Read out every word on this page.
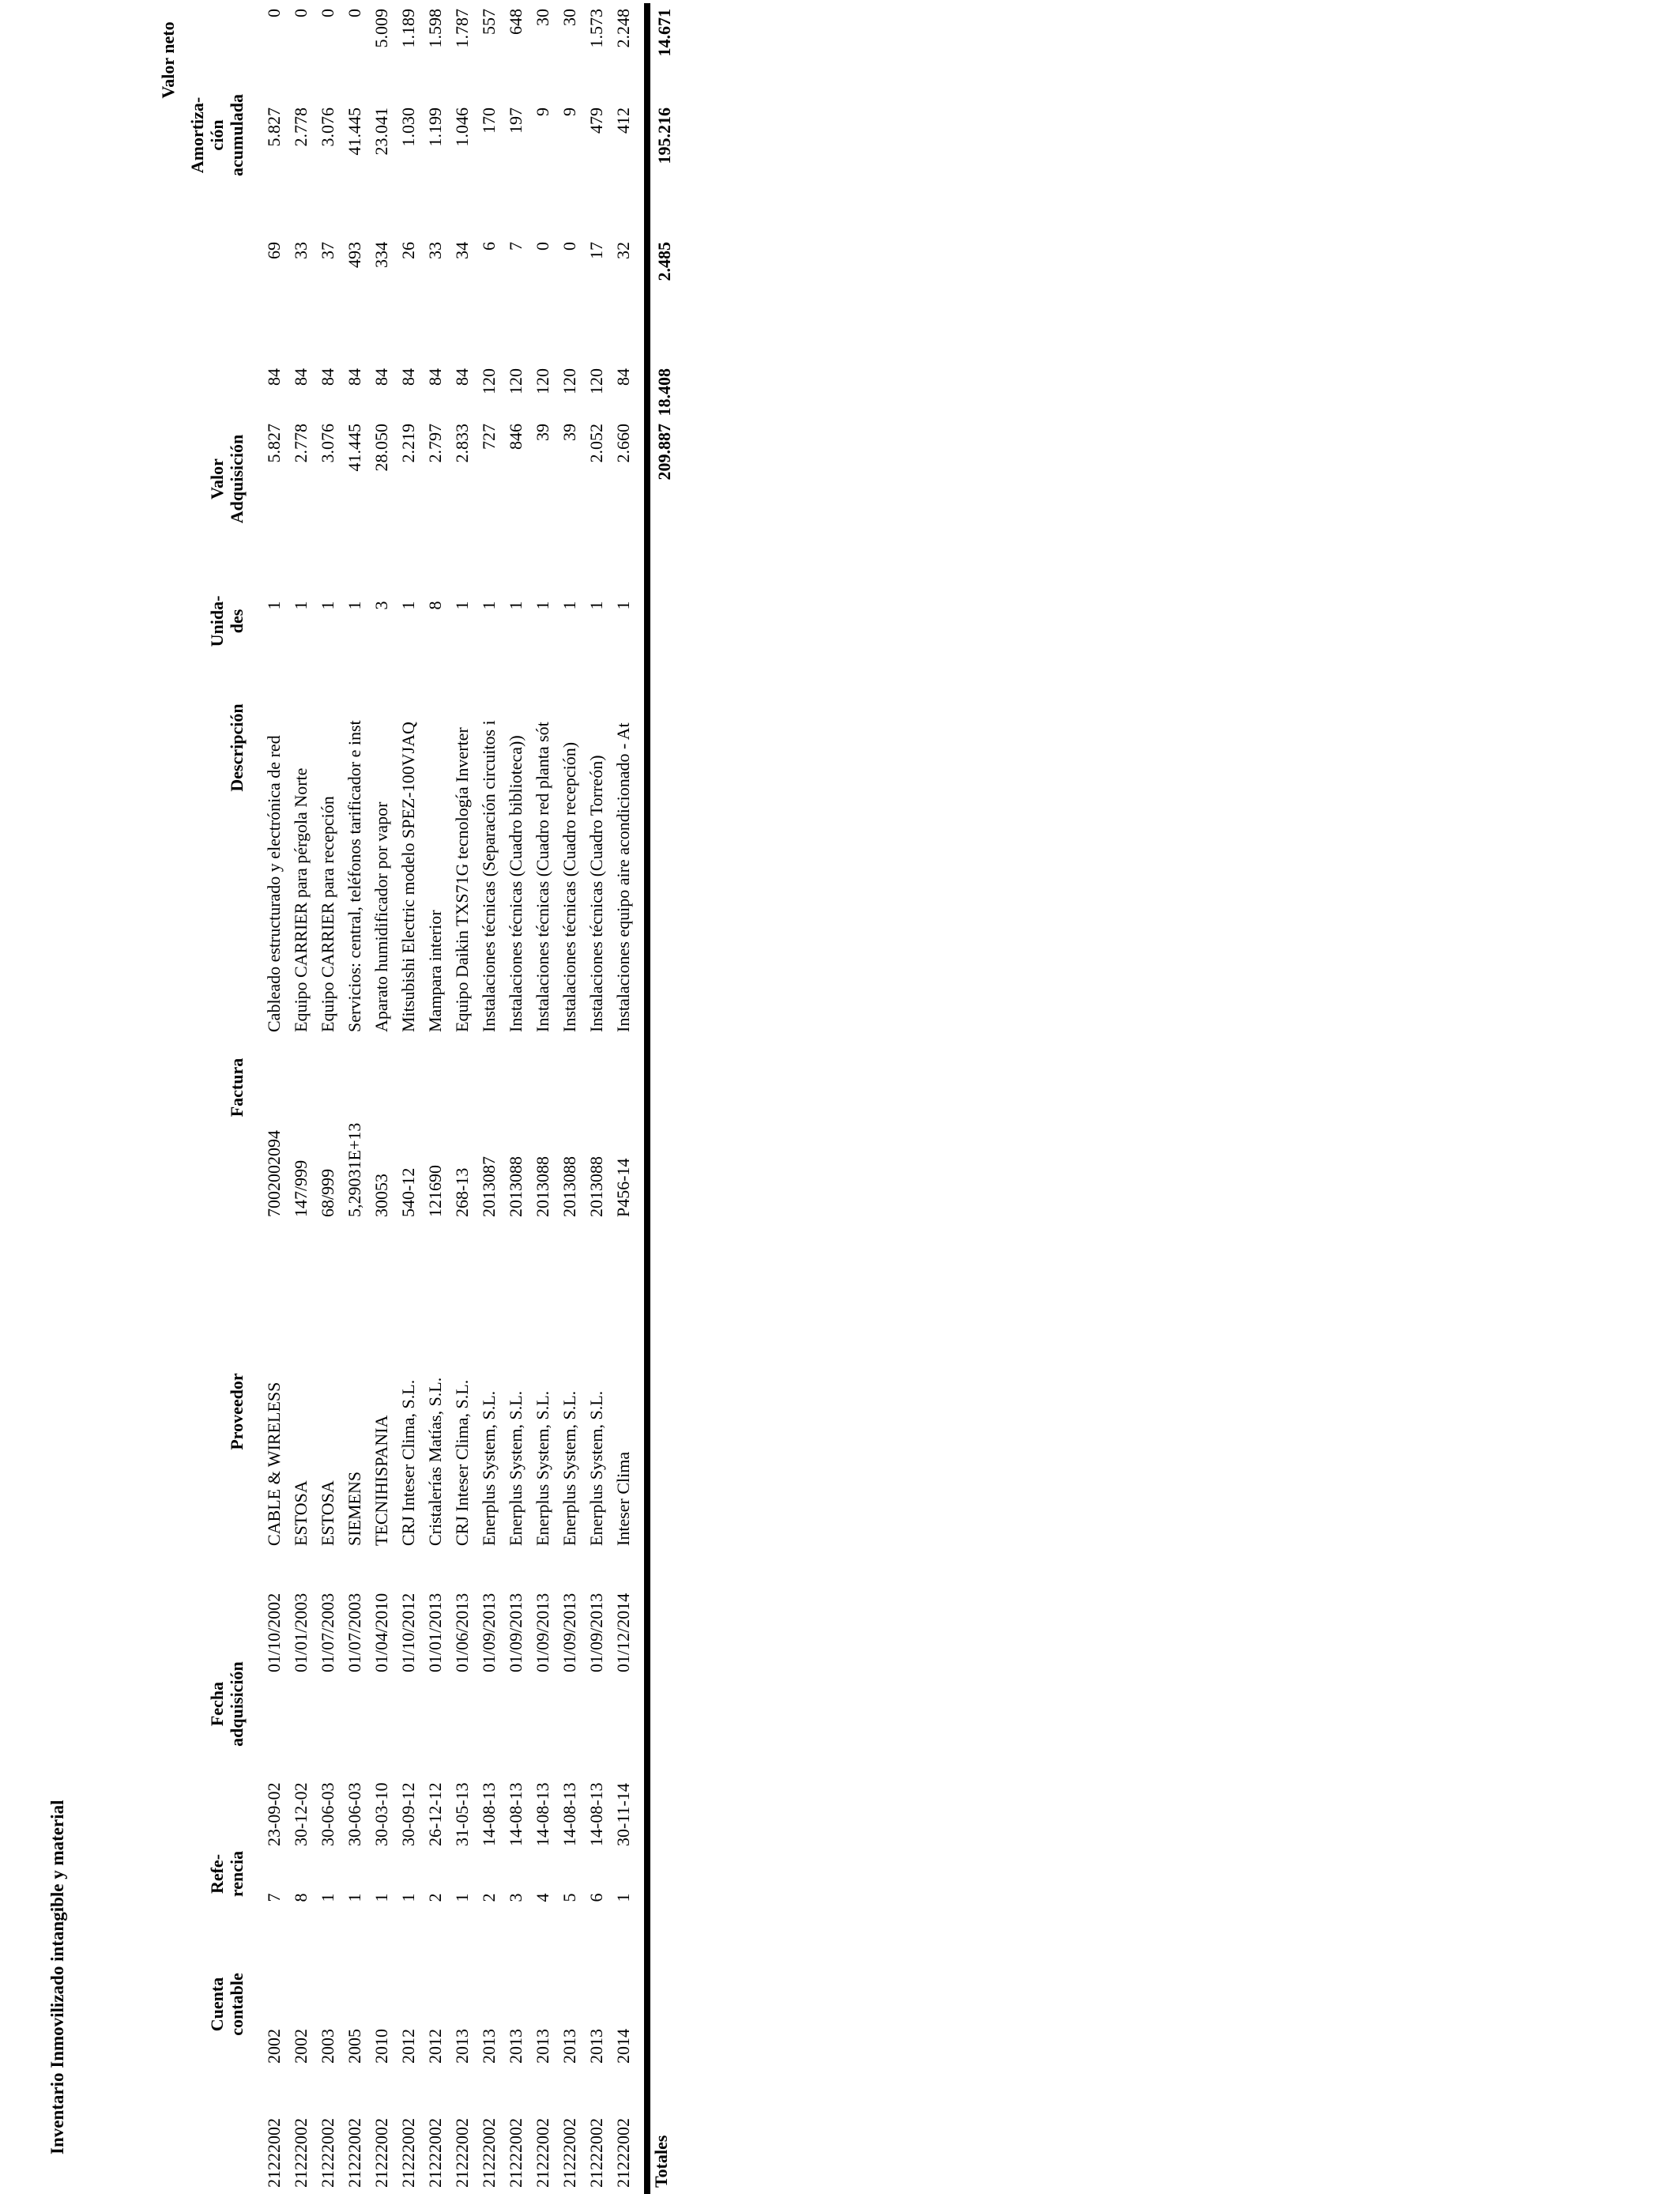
Inventario Inmovilizado intangible y material	Cuenta contable
Refe- rencia
Fecha adquisición
Proveedor
Factura
Descripción
Unida- des
Valor Adquisición
Amortiza- ción acumulada
Valor neto
21222002 21222002 21222002 21222002 21222002 21222002 21222002 21222002 21222002 21222002 21222002 21222002 21222002 21222002
2002 2002 2003 2005 2010 2012 2012 2013 2013 2013 2013 2013 2013 2014
7 8 1 1 1 1 2 1 2 3 4 5 6 1
23-09-02 30-12-02 30-06-03 30-06-03 30-03-10 30-09-12 26-12-12 31-05-13 14-08-13 14-08-13 14-08-13 14-08-13 14-08-13 30-11-14
01/10/2002 01/01/2003 01/07/2003 01/07/2003 01/04/2010 01/10/2012 01/01/2013 01/06/2013 01/09/2013 01/09/2013 01/09/2013 01/09/2013 01/09/2013 01/12/2014
CABLE & WIRELESS ESTOSA ESTOSA SIEMENS TECNIHISPANIA CRJ Inteser Clima, S.L. Cristalerías Matías, S.L. CRJ Inteser Clima, S.L. Enerplus System, S.L. Enerplus System, S.L. Enerplus System, S.L. Enerplus System, S.L. Enerplus System, S.L. Inteser Clima
7002002094 147/999 68/999 5,29031E+13 30053 540-12 121690 268-13 2013087 2013088 2013088 2013088 2013088 P456-14
Cableado estructurado y electrónica de red Equipo CARRIER para pérgola Norte Equipo CARRIER para recepción Servicios: central, teléfonos tarificador e inst Aparato humidificador por vapor Mitsubishi Electric modelo SPEZ-100VJAQ Mampara interior Equipo Daikin TXS71G tecnología Inverter Instalaciones técnicas (Separación circuitos i Instalaciones técnicas (Cuadro biblioteca)) Instalaciones técnicas (Cuadro red planta sót Instalaciones técnicas (Cuadro recepción) Instalaciones técnicas (Cuadro Torreón) Instalaciones equipo aire acondicionado - At
1 1 1 1 3 1 8 1 1 1 1 1 1 1
5.827 2.778 3.076 41.445 28.050 2.219 2.797 2.833 727 846 39 39 2.052 2.660
84 84 84 84 84 84 84 84 120 120 120 120 120 84
69 33 37 493 334 26 33 34 6 7 0 0 17 32
5.827 2.778 3.076 41.445 23.041 1.030 1.199 1.046 170 197 9 9 479 412
0 0 0 0 5.009 1.189 1.598 1.787 557 648 30 30 1.573 2.248
Totales
209.887
18.408
2.485
195.216
14.671
